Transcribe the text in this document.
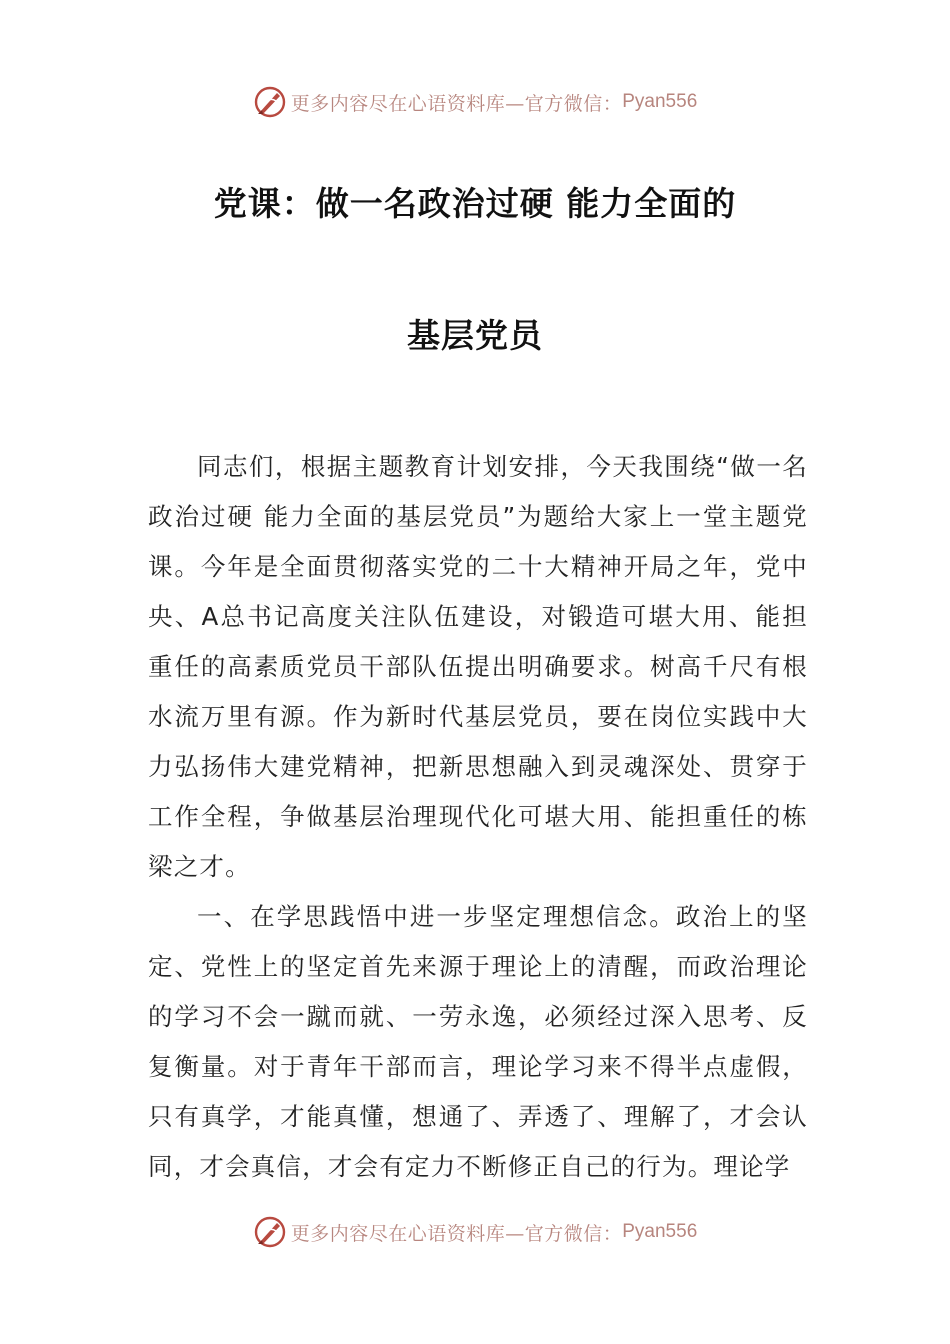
更多内容尽在心语资料库—官方微信： Pyan556
党课：做一名政治过硬 能力全面的
基层党员

同志们，根据主题教育计划安排，今天我围绕“做一名政治过硬 能力全面的基层党员”为题给大家上一堂主题党课。今年是全面贯彻落实党的二十大精神开局之年，党中央、A总书记高度关注队伍建设，对锻造可堪大用、能担重任的高素质党员干部队伍提出明确要求。树高千尺有根水流万里有源。作为新时代基层党员，要在岗位实践中大力弘扬伟大建党精神，把新思想融入到灵魂深处、贯穿于工作全程，争做基层治理现代化可堪大用、能担重任的栋梁之才。

一、在学思践悟中进一步坚定理想信念。政治上的坚定、党性上的坚定首先来源于理论上的清醒，而政治理论的学习不会一蹴而就、一劳永逸，必须经过深入思考、反复衡量。对于青年干部而言，理论学习来不得半点虚假，只有真学，才能真懂，想通了、弄透了、理解了，才会认同，才会真信，才会有定力不断修正自己的行为。理论学

更多内容尽在心语资料库—官方微信： Pyan556
